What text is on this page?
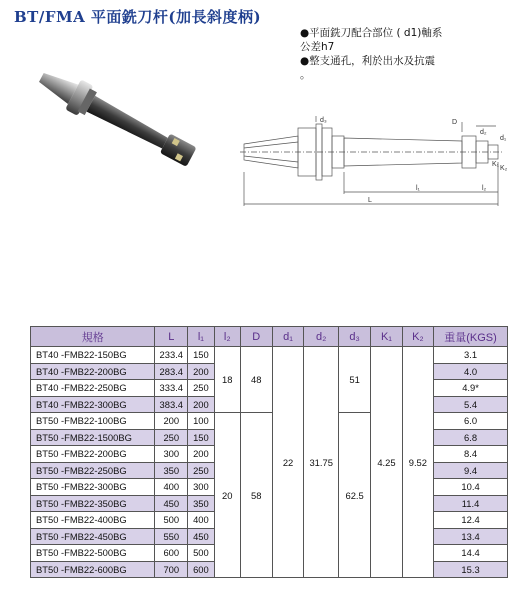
BT/FMA 平面銑刀杆(加長斜度柄)
●平面銑刀配合部位 ( d1)軸系
公差h7
●整支通孔，利於出水及抗震
。
d₃	D
d₂
d₁
K₁
K₂
l₁	l₂
L
規格	L	l₁	l₂	D	d₁	d₂	d₃	K₁	K₂	重量(KGS)
BT40 -FMB22-150BG	233.4	150	18	48	22	31.75	51	4.25	9.52	3.1
BT40 -FMB22-200BG	283.4	200								4.0
BT40 -FMB22-250BG	333.4	250								4.9*
BT40 -FMB22-300BG	383.4	200								5.4
BT50 -FMB22-100BG	200	100	20	58			62.5			6.0
BT50 -FMB22-1500BG	250	150								6.8
BT50 -FMB22-200BG	300	200								8.4
BT50 -FMB22-250BG	350	250								9.4
BT50 -FMB22-300BG	400	300								10.4
BT50 -FMB22-350BG	450	350								11.4
BT50 -FMB22-400BG	500	400								12.4
BT50 -FMB22-450BG	550	450								13.4
BT50 -FMB22-500BG	600	500								14.4
BT50 -FMB22-600BG	700	600								15.3
